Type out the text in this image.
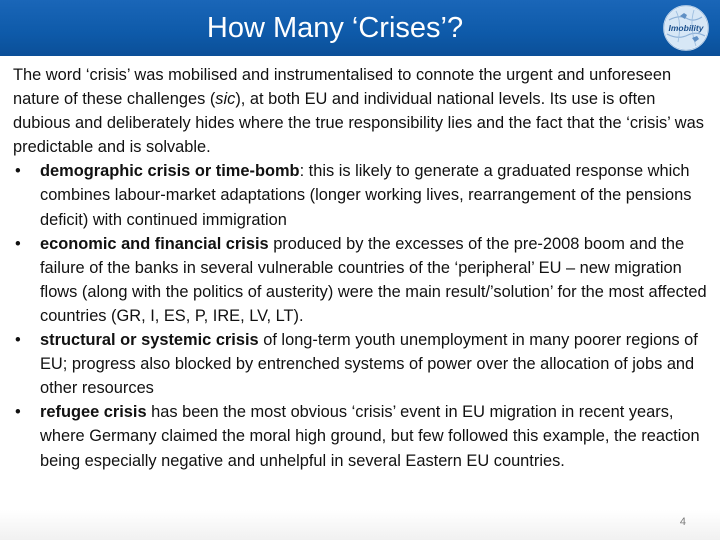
How Many ‘Crises’?	Imobility

The word ‘crisis’ was mobilised and instrumentalised to connote the urgent and unforeseen nature of these challenges (sic), at both EU and individual national levels. Its use is often dubious and deliberately hides where the true responsibility lies and the fact that the ‘crisis’ was predictable and is solvable.

• demographic crisis or time-bomb: this is likely to generate a graduated response which combines labour-market adaptations (longer working lives, rearrangement of the pensions deficit) with continued immigration
• economic and financial crisis produced by the excesses of the pre-2008 boom and the failure of the banks in several vulnerable countries of the ‘peripheral’ EU – new migration flows (along with the politics of austerity) were the main result/’solution’ for the most affected countries (GR, I, ES, P, IRE, LV, LT).
• structural or systemic crisis of long-term youth unemployment in many poorer regions of EU; progress also blocked by entrenched systems of power over the allocation of jobs and other resources
• refugee crisis has been the most obvious ‘crisis’ event in EU migration in recent years, where Germany claimed the moral high ground, but few followed this example, the reaction being especially negative and unhelpful in several Eastern EU countries.
4
